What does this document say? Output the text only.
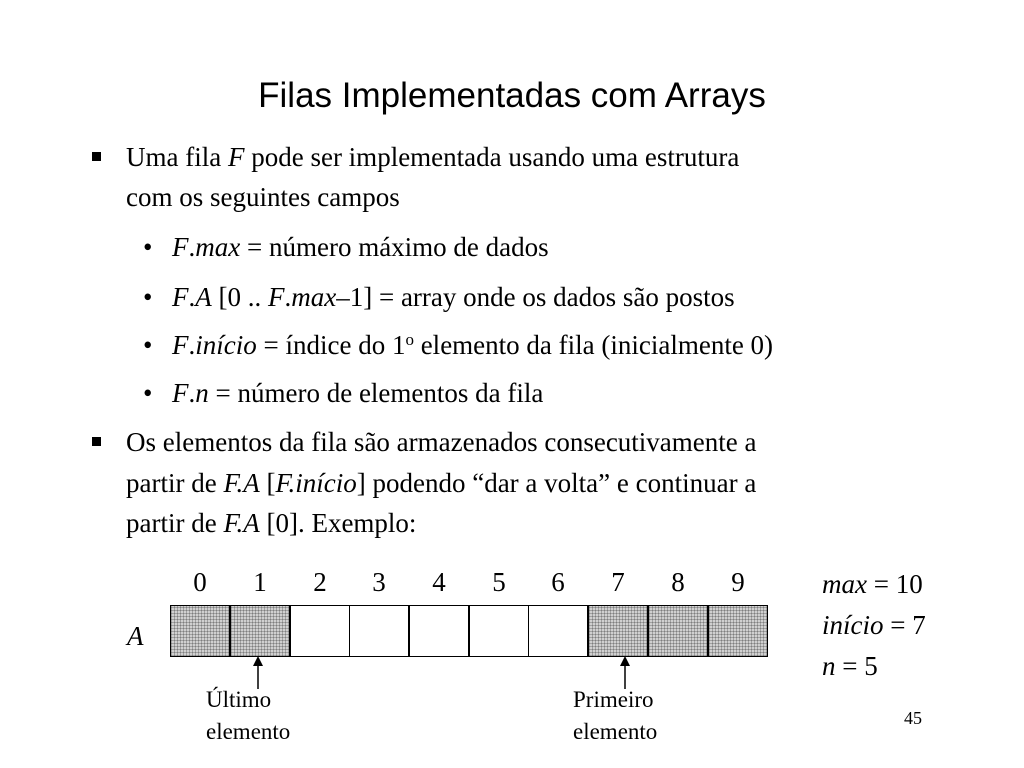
Filas Implementadas com Arrays

Uma fila F pode ser implementada usando uma estrutura

com os seguintes campos

• F.max = número máximo de dados

• F.A [0 .. F.max–1] = array onde os dados são postos

• F.início = índice do 1$^o$ elemento da fila (inicialmente 0)

• F.n = número de elementos da fila

Os elementos da fila são armazenados consecutivamente a

partir de F.A [F.início] podendo “dar a volta” e continuar a

partir de F.A [0]. Exemplo:

0	1	2	3	4	5	6	7	8	9
A

max = 10

início = 7

n = 5

Último
elemento
Primeiro
elemento
45
